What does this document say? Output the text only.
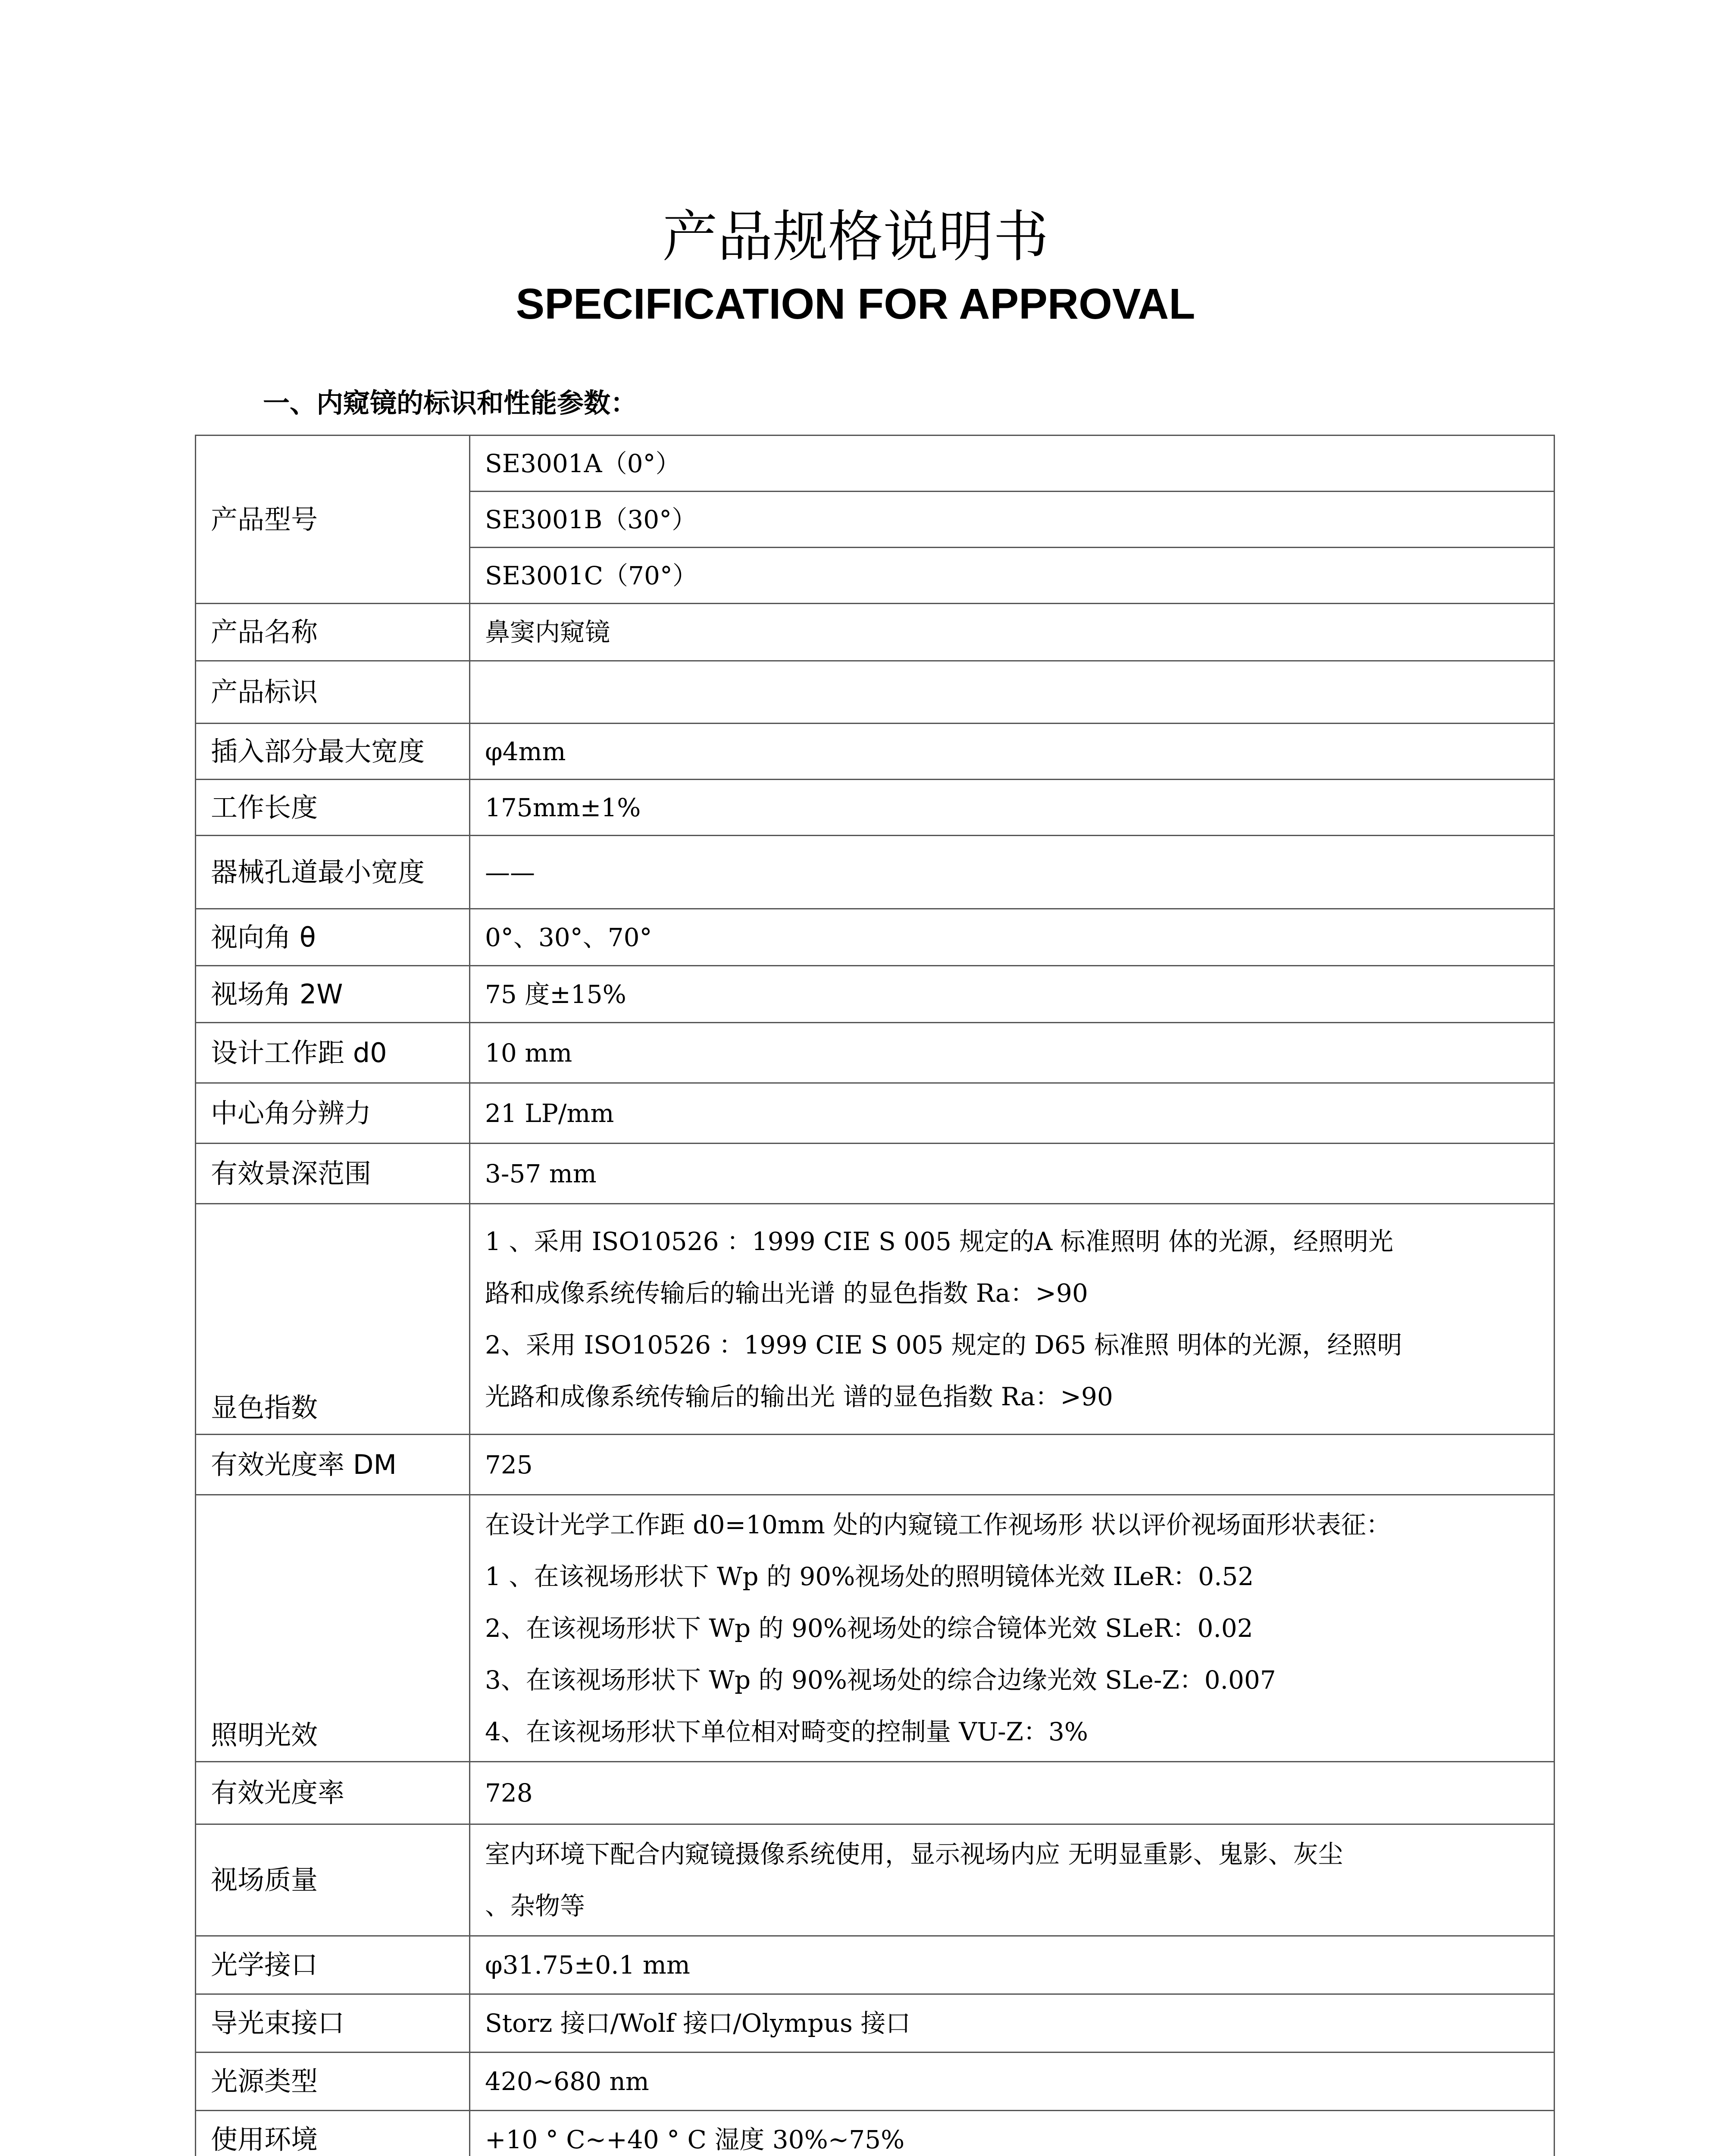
产品规格说明书
SPECIFICATION FOR APPROVAL
一、内窥镜的标识和性能参数：
产品型号	SE3001A（0°）
	SE3001B（30°）
	SE3001C（70°）
产品名称	鼻窦内窥镜
产品标识	
插入部分最大宽度	φ4mm
工作长度	175mm±1%
器械孔道最小宽度	——
视向角 θ	0°、30°、70°
视场角 2W	75 度±15%
设计工作距 d0	10 mm
中心角分辨力	21 LP/mm
有效景深范围	3-57 mm
显色指数	1 、采用 ISO10526 ：1999 CIE S 005 规定的A 标准照明 体的光源，经照明光
路和成像系统传输后的输出光谱 的显色指数 Ra：>90
2、采用 ISO10526 ：1999 CIE S 005 规定的 D65 标准照 明体的光源，经照明
光路和成像系统传输后的输出光 谱的显色指数 Ra：>90

有效光度率 DM	725
照明光效	在设计光学工作距 d0=10mm 处的内窥镜工作视场形 状以评价视场面形状表征：
1 、在该视场形状下 Wp 的 90%视场处的照明镜体光效 ILeR：0.52
2、在该视场形状下 Wp 的 90%视场处的综合镜体光效 SLeR：0.02
3、在该视场形状下 Wp 的 90%视场处的综合边缘光效 SLe-Z：0.007
4、在该视场形状下单位相对畸变的控制量 VU-Z：3%

有效光度率	728
视场质量	室内环境下配合内窥镜摄像系统使用，显示视场内应 无明显重影、鬼影、灰尘
、杂物等

光学接口	φ31.75±0.1 mm
导光束接口	Storz 接口/Wolf 接口/Olympus 接口
光源类型	420~680 nm
使用环境	+10 ° C~+40 ° C 湿度 30%~75%
